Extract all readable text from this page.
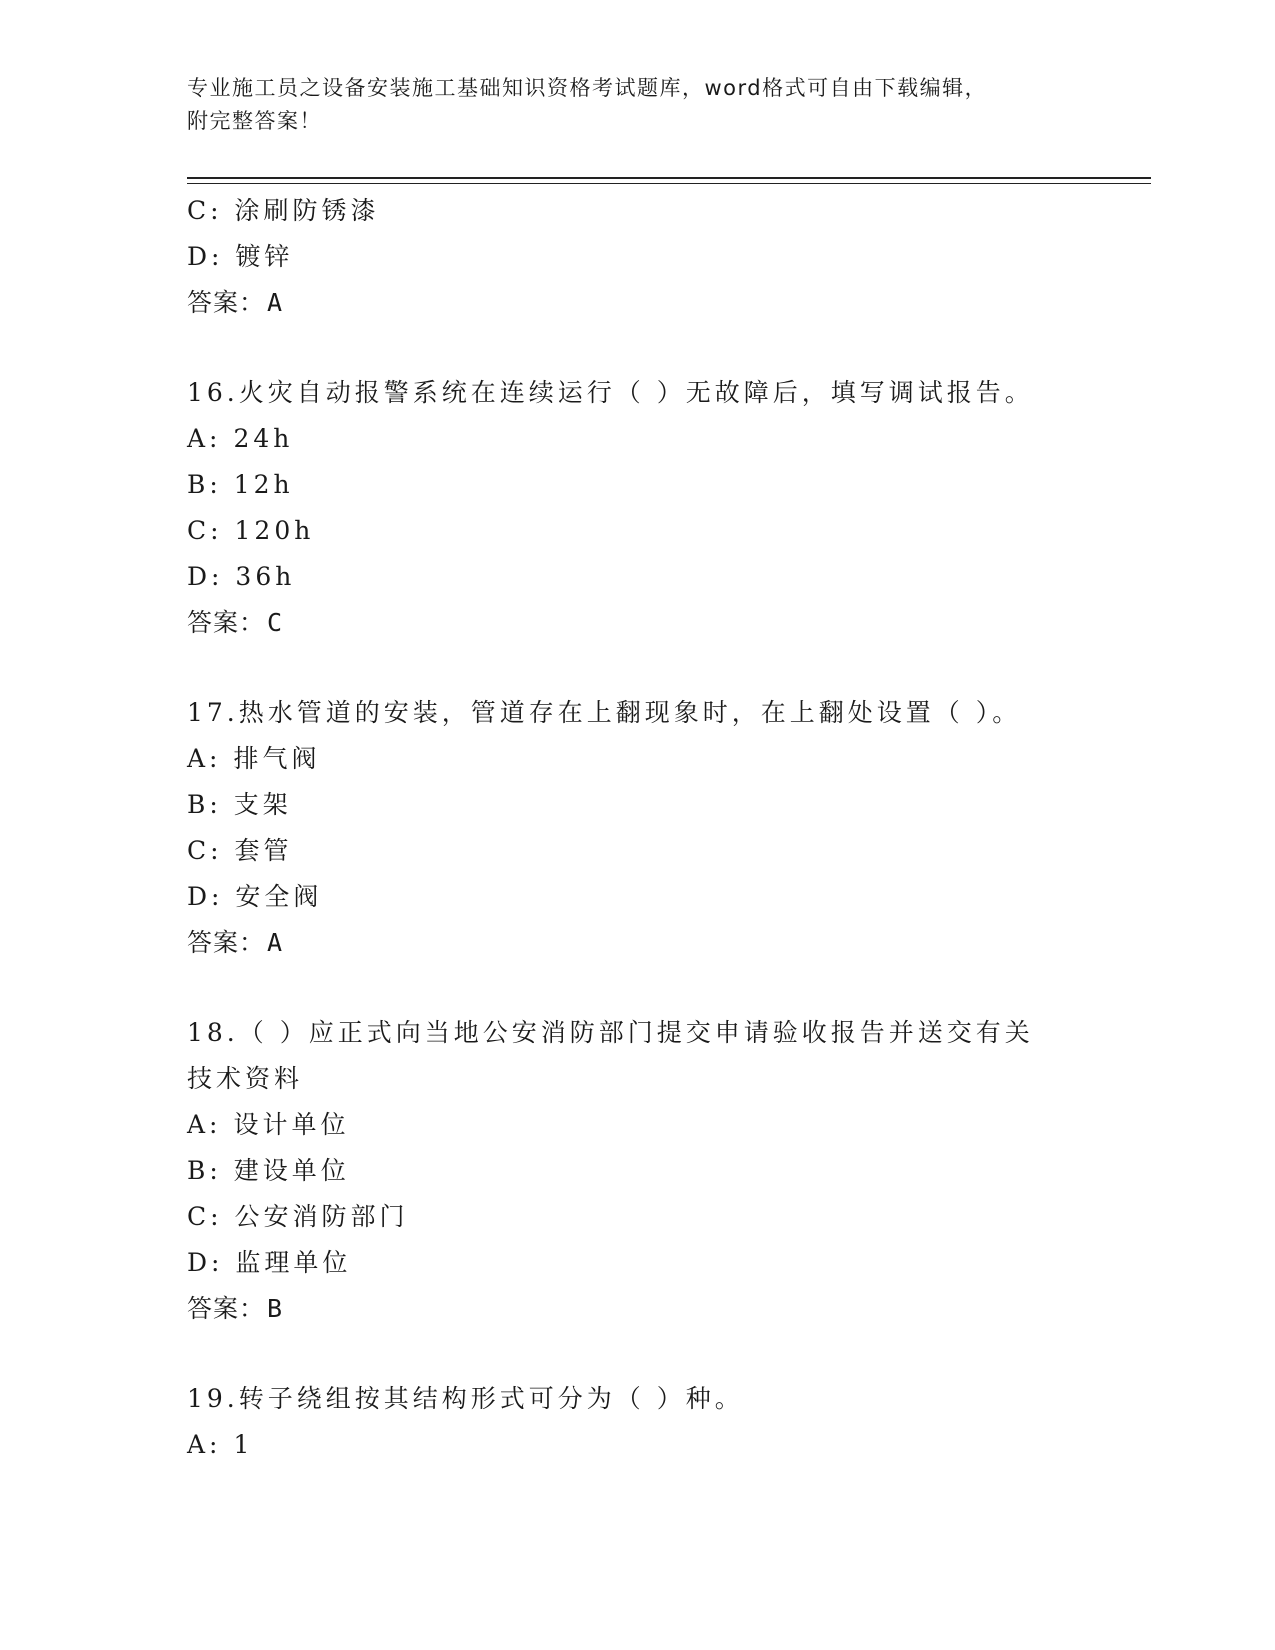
专业施工员之设备安装施工基础知识资格考试题库，word格式可自由下载编辑，
附完整答案！
C: 涂刷防锈漆
D: 镀锌
答案：A
16.火灾自动报警系统在连续运行（ ）无故障后，填写调试报告。
A: 24h
B: 12h
C: 120h
D: 36h
答案：C
17.热水管道的安装，管道存在上翻现象时，在上翻处设置（ ）。
A: 排气阀
B: 支架
C: 套管
D: 安全阀
答案：A
18.（ ）应正式向当地公安消防部门提交申请验收报告并送交有关技术资料
A: 设计单位
B: 建设单位
C: 公安消防部门
D: 监理单位
答案：B
19.转子绕组按其结构形式可分为（ ）种。
A: 1
